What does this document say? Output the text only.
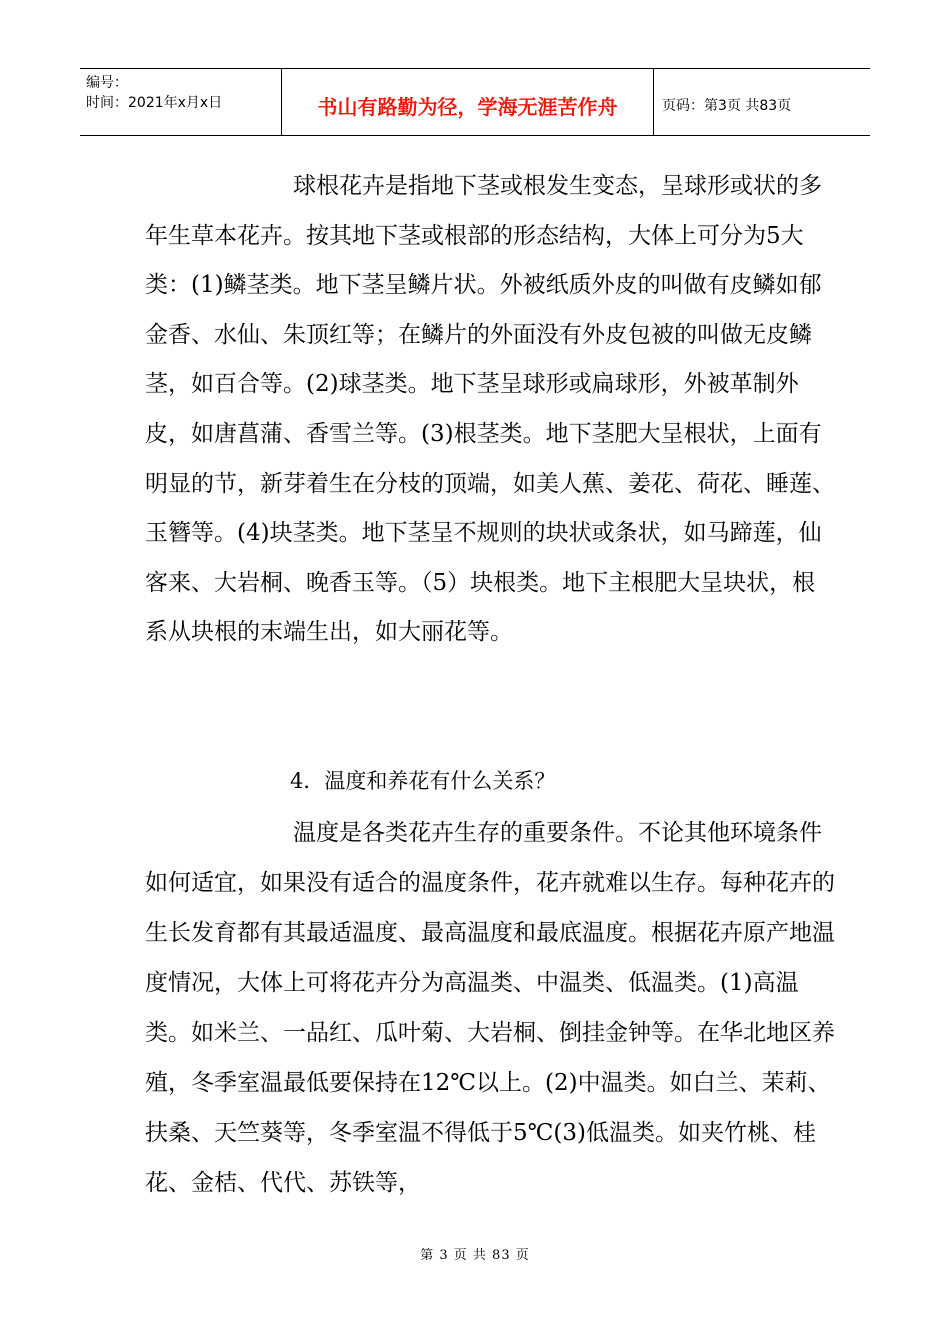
编号：
时间：2021年x月x日	书山有路勤为径，学海无涯苦作舟	页码：第3页 共83页

球根花卉是指地下茎或根发生变态，呈球形或状的多年生草本花卉。按其地下茎或根部的形态结构，大体上可分为5大类：(1)鳞茎类。地下茎呈鳞片状。外被纸质外皮的叫做有皮鳞如郁金香、水仙、朱顶红等；在鳞片的外面没有外皮包被的叫做无皮鳞茎，如百合等。(2)球茎类。地下茎呈球形或扁球形，外被革制外皮，如唐菖蒲、香雪兰等。(3)根茎类。地下茎肥大呈根状，上面有明显的节，新芽着生在分枝的顶端，如美人蕉、姜花、荷花、睡莲、玉簪等。(4)块茎类。地下茎呈不规则的块状或条状，如马蹄莲，仙客来、大岩桐、晚香玉等。（5）块根类。地下主根肥大呈块状，根系从块根的末端生出，如大丽花等。

4．温度和养花有什么关系？

温度是各类花卉生存的重要条件。不论其他环境条件如何适宜，如果没有适合的温度条件，花卉就难以生存。每种花卉的生长发育都有其最适温度、最高温度和最底温度。根据花卉原产地温度情况，大体上可将花卉分为高温类、中温类、低温类。(1)高温类。如米兰、一品红、瓜叶菊、大岩桐、倒挂金钟等。在华北地区养殖，冬季室温最低要保持在12℃以上。(2)中温类。如白兰、茉莉、扶桑、天竺葵等，冬季室温不得低于5℃(3)低温类。如夹竹桃、桂花、金桔、代代、苏铁等，

第 3 页 共 83 页
